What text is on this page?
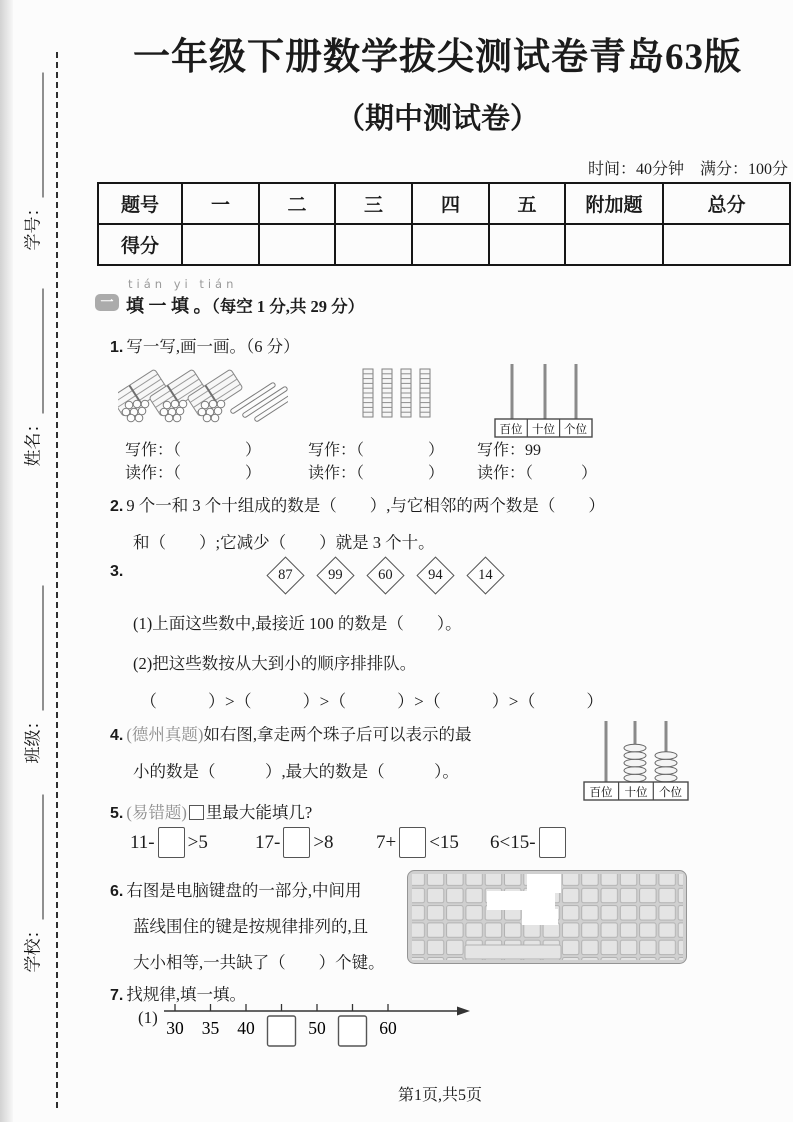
学号：
姓名：
班级：
学校：
一年级下册数学拔尖测试卷青岛63版
（期中测试卷）
时间：40分钟　满分：100分
题号	一	二	三	四	五	附加题	总分
得分							
一
tián yi tián
填 一 填 。（每空 1 分,共 29 分）
1. 写一写,画一画。（6 分）
百位 十位 个位
写作：（　　　　）
读作：（　　　　）
写作：（　　　　）
读作：（　　　　）
写作：99
读作：（　　　）
2. 9 个一和 3 个十组成的数是（　　）,与它相邻的两个数是（　　）
和（　　）;它减少（　　）就是 3 个十。
3.	87 99 60 94 14
(1)上面这些数中,最接近 100 的数是（　　）。
(2)把这些数按从大到小的顺序排排队。
（　　　）>（　　　）>（　　　）>（　　　）>（　　　）
4. (德州真题)如右图,拿走两个珠子后可以表示的最
小的数是（　　　）,最大的数是（　　　）。
百位 十位 个位
5. (易错题) 里最大能填几?
11- >5 17- >8 7+ <15 6<15-
6. 右图是电脑键盘的一部分,中间用
蓝线围住的键是按规律排列的,且
大小相等,一共缺了（　　）个键。
7. 找规律,填一填。
(1)
30 35 40	50	60
第1页,共5页
